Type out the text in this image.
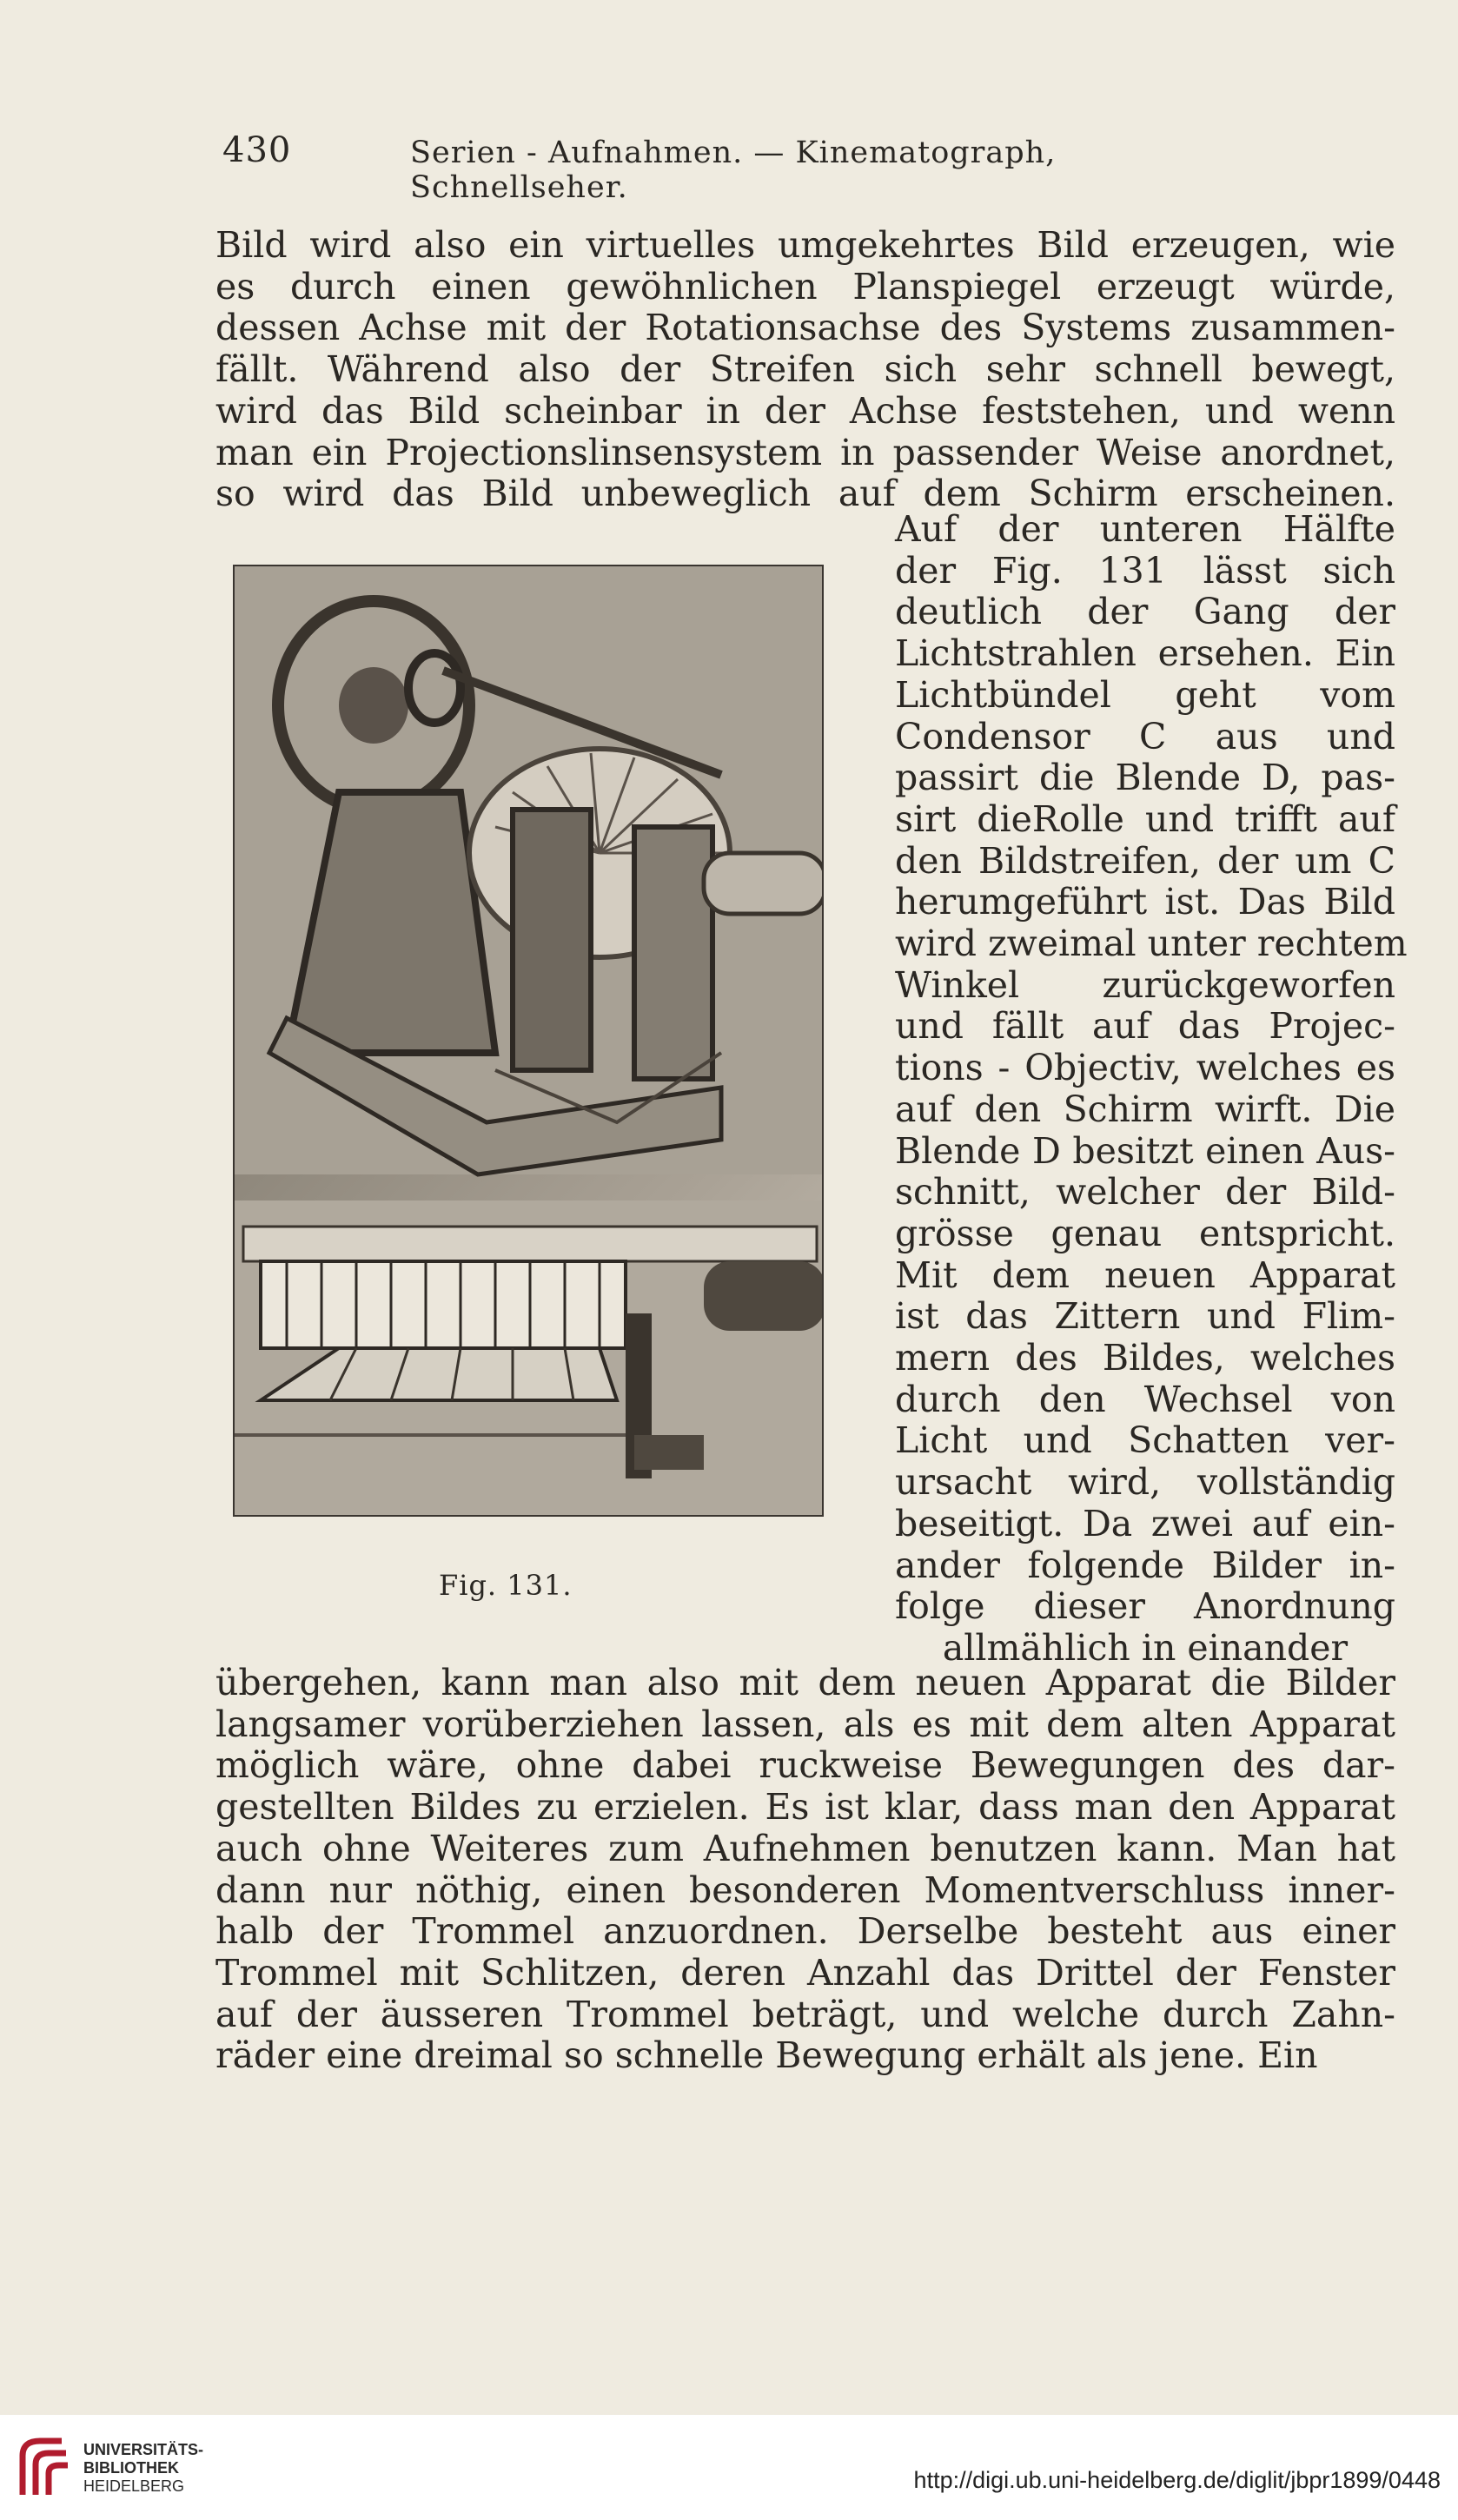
430	Serien - Aufnahmen. — Kinematograph, Schnellseher.
Bild wird also ein virtuelles umgekehrtes Bild erzeugen, wie
es durch einen gewöhnlichen Planspiegel erzeugt würde,
dessen Achse mit der Rotationsachse des Systems zusammen-
fällt. Während also der Streifen sich sehr schnell bewegt,
wird das Bild scheinbar in der Achse feststehen, und wenn
man ein Projectionslinsensystem in passender Weise anordnet,
so wird das Bild unbeweglich auf dem Schirm erscheinen.
Auf der unteren Hälfte
der Fig. 131 lässt sich
deutlich der Gang der
Lichtstrahlen ersehen. Ein
Lichtbündel geht vom
Condensor C aus und
passirt die Blende D, pas-
sirt dieRolle und trifft auf
den Bildstreifen, der um C
herumgeführt ist. Das Bild
wird zweimal unter rechtem
Winkel zurückgeworfen
und fällt auf das Projec-
tions - Objectiv, welches es
auf den Schirm wirft. Die
Blende D besitzt einen Aus-
schnitt, welcher der Bild-
grösse genau entspricht.
Mit dem neuen Apparat
ist das Zittern und Flim-
mern des Bildes, welches
durch den Wechsel von
Licht und Schatten ver-
ursacht wird, vollständig
beseitigt. Da zwei auf ein-
ander folgende Bilder in-
folge dieser Anordnung
allmählich in einander
übergehen, kann man also mit dem neuen Apparat die Bilder
langsamer vorüberziehen lassen, als es mit dem alten Apparat
möglich wäre, ohne dabei ruckweise Bewegungen des dar-
gestellten Bildes zu erzielen. Es ist klar, dass man den Apparat
auch ohne Weiteres zum Aufnehmen benutzen kann. Man hat
dann nur nöthig, einen besonderen Momentverschluss inner-
halb der Trommel anzuordnen. Derselbe besteht aus einer
Trommel mit Schlitzen, deren Anzahl das Drittel der Fenster
auf der äusseren Trommel beträgt, und welche durch Zahn-
räder eine dreimal so schnelle Bewegung erhält als jene. Ein
Fig. 131.
UNIVERSITÄTS-
BIBLIOTHEK
HEIDELBERG	http://digi.ub.uni-heidelberg.de/diglit/jbpr1899/0448
